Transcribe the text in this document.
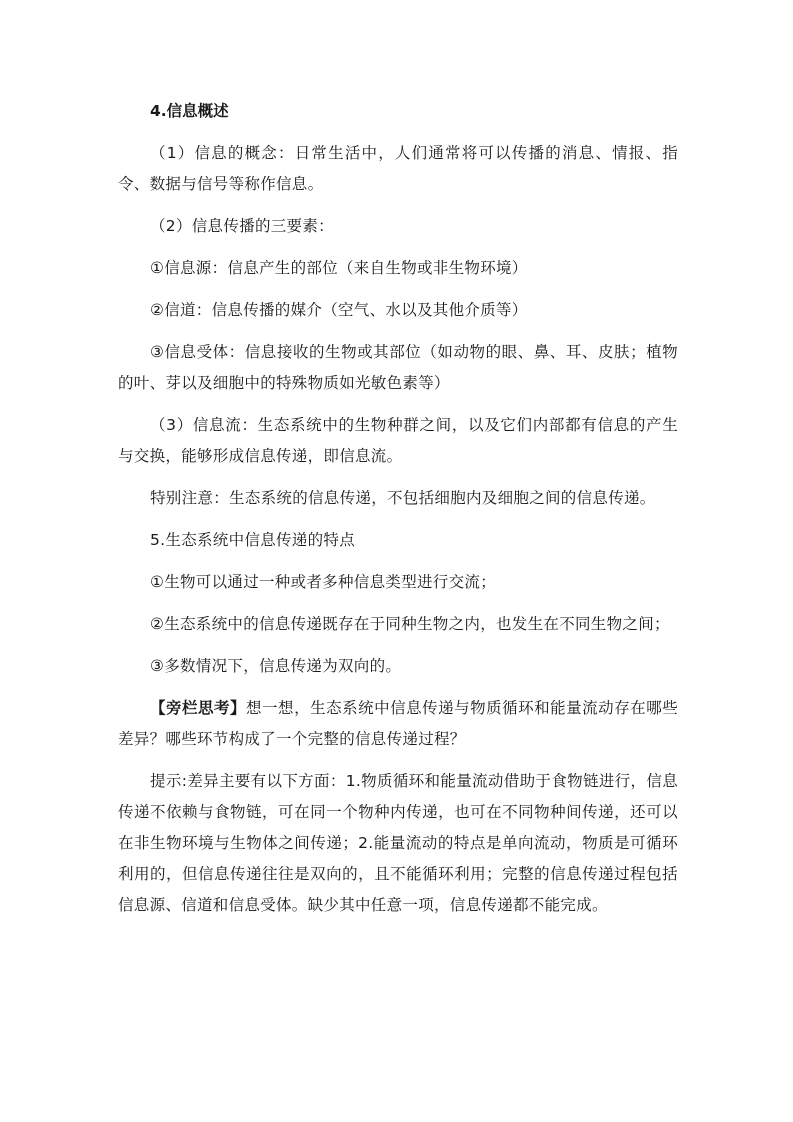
4.信息概述

（1）信息的概念：日常生活中，人们通常将可以传播的消息、情报、指令、数据与信号等称作信息。

（2）信息传播的三要素：

①信息源：信息产生的部位（来自生物或非生物环境）

②信道：信息传播的媒介（空气、水以及其他介质等）

③信息受体：信息接收的生物或其部位（如动物的眼、鼻、耳、皮肤；植物的叶、芽以及细胞中的特殊物质如光敏色素等）

（3）信息流：生态系统中的生物种群之间，以及它们内部都有信息的产生与交换，能够形成信息传递，即信息流。

特别注意：生态系统的信息传递，不包括细胞内及细胞之间的信息传递。

5.生态系统中信息传递的特点

①生物可以通过一种或者多种信息类型进行交流；

②生态系统中的信息传递既存在于同种生物之内，也发生在不同生物之间；

③多数情况下，信息传递为双向的。

【旁栏思考】想一想，生态系统中信息传递与物质循环和能量流动存在哪些差异？哪些环节构成了一个完整的信息传递过程？

提示:差异主要有以下方面：1.物质循环和能量流动借助于食物链进行，信息传递不依赖与食物链，可在同一个物种内传递，也可在不同物种间传递，还可以在非生物环境与生物体之间传递；2.能量流动的特点是单向流动，物质是可循环利用的，但信息传递往往是双向的，且不能循环利用；完整的信息传递过程包括信息源、信道和信息受体。缺少其中任意一项，信息传递都不能完成。
